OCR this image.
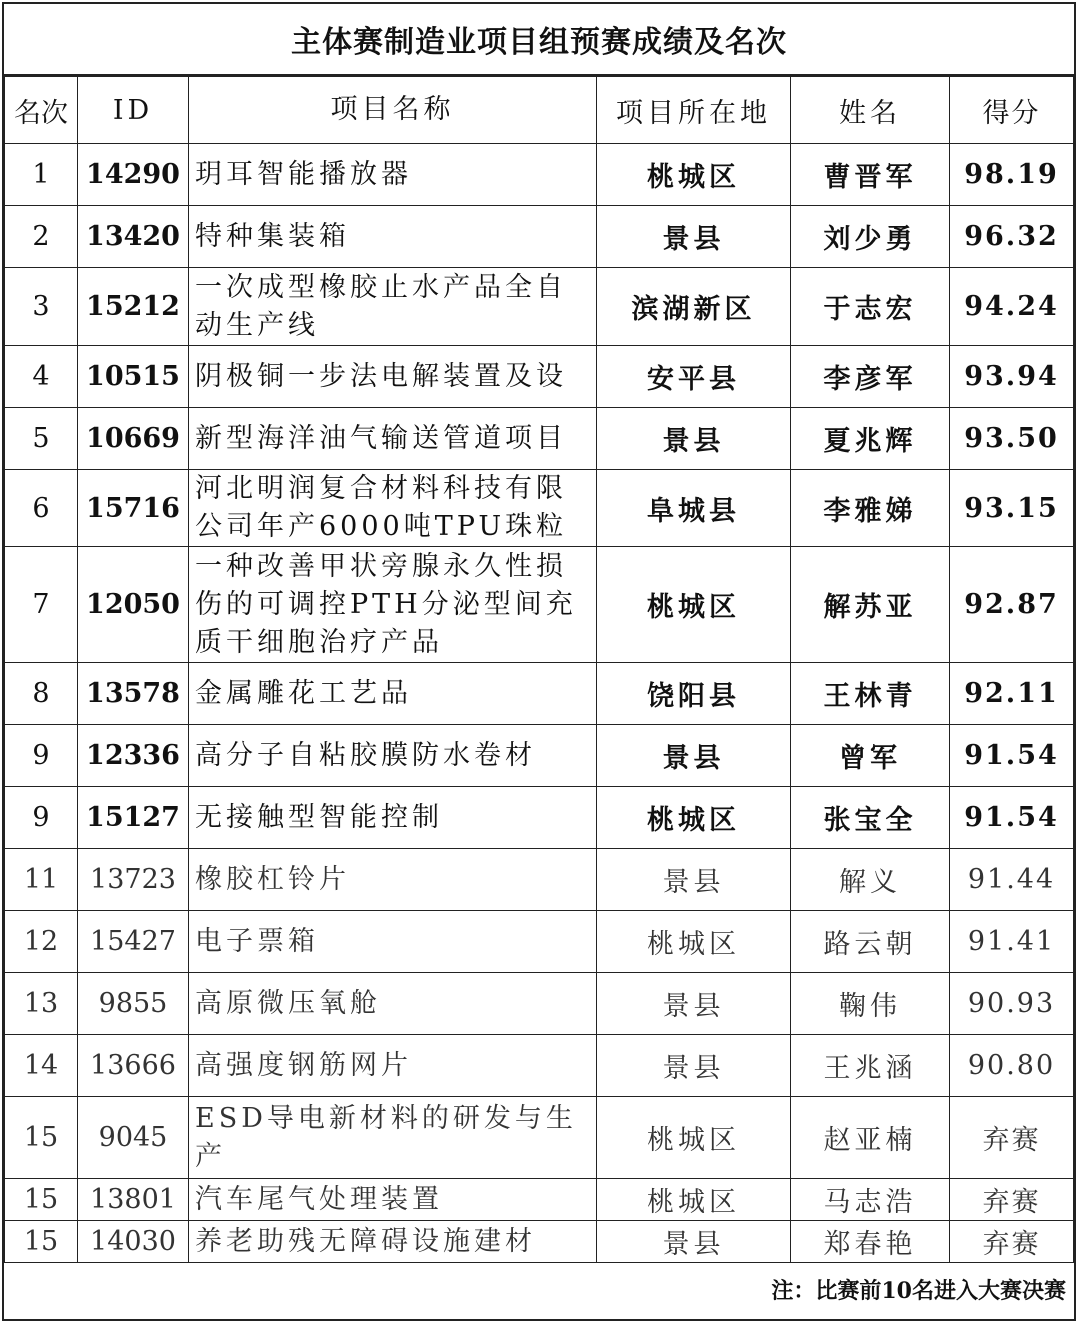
主体赛制造业项目组预赛成绩及名次
名次	ID	项目名称	项目所在地	姓名	得分
1	14290	玥耳智能播放器	桃城区	曹晋军	98.19
2	13420	特种集装箱	景县	刘少勇	96.32
3	15212	一次成型橡胶止水产品全自动生产线	滨湖新区	于志宏	94.24
4	10515	阴极铜一步法电解装置及设	安平县	李彦军	93.94
5	10669	新型海洋油气输送管道项目	景县	夏兆辉	93.50
6	15716	河北明润复合材料科技有限公司年产6000吨TPU珠粒	阜城县	李雅娣	93.15
7	12050	一种改善甲状旁腺永久性损伤的可调控PTH分泌型间充质干细胞治疗产品	桃城区	解苏亚	92.87
8	13578	金属雕花工艺品	饶阳县	王林青	92.11
9	12336	高分子自粘胶膜防水卷材	景县	曾军	91.54
9	15127	无接触型智能控制	桃城区	张宝全	91.54
11	13723	橡胶杠铃片	景县	解义	91.44
12	15427	电子票箱	桃城区	路云朝	91.41
13	9855	高原微压氧舱	景县	鞠伟	90.93
14	13666	高强度钢筋网片	景县	王兆涵	90.80
15	9045	ESD导电新材料的研发与生产	桃城区	赵亚楠	弃赛
15	13801	汽车尾气处理装置	桃城区	马志浩	弃赛
15	14030	养老助残无障碍设施建材	景县	郑春艳	弃赛
注：比赛前10名进入大赛决赛
